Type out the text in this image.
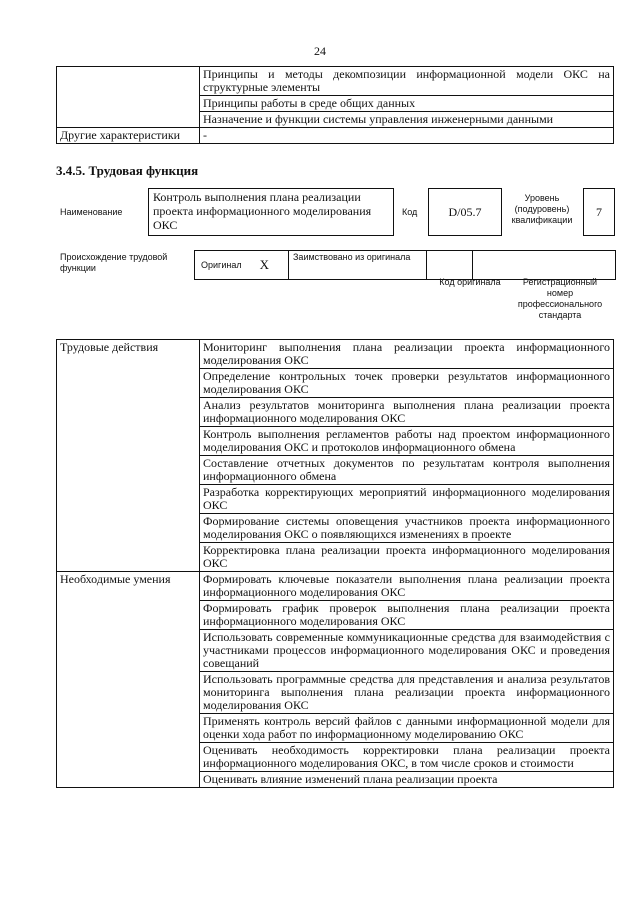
24
	Принципы и методы декомпозиции информационной модели ОКС на структурные элементы
	Принципы работы в среде общих данных
	Назначение и функции системы управления инженерными данными
Другие характеристики	-
3.4.5. Трудовая функция
Наименование
Контроль выполнения плана реализации проекта информационного моделирования ОКС
Код	D/05.7
Уровень (подуровень) квалификации
7
Происхождение трудовой функции	Оригинал X	Заимствовано из оригинала
Код оригинала	Регистрационный номер профессионального стандарта
Трудовые действия	Мониторинг выполнения плана реализации проекта информационного моделирования ОКС
	Определение контрольных точек проверки результатов информационного моделирования ОКС
	Анализ результатов мониторинга выполнения плана реализации проекта информационного моделирования ОКС
	Контроль выполнения регламентов работы над проектом информационного моделирования ОКС и протоколов информационного обмена
	Составление отчетных документов по результатам контроля выполнения информационного обмена
	Разработка корректирующих мероприятий информационного моделирования ОКС
	Формирование системы оповещения участников проекта информационного моделирования ОКС о появляющихся изменениях в проекте
	Корректировка плана реализации проекта информационного моделирования ОКС
Необходимые умения	Формировать ключевые показатели выполнения плана реализации проекта информационного моделирования ОКС
	Формировать график проверок выполнения плана реализации проекта информационного моделирования ОКС
	Использовать современные коммуникационные средства для взаимодействия с участниками процессов информационного моделирования ОКС и проведения совещаний
	Использовать программные средства для представления и анализа результатов мониторинга выполнения плана реализации проекта информационного моделирования ОКС
	Применять контроль версий файлов с данными информационной модели для оценки хода работ по информационному моделированию ОКС
	Оценивать необходимость корректировки плана реализации проекта информационного моделирования ОКС, в том числе сроков и стоимости
	Оценивать влияние изменений плана реализации проекта
